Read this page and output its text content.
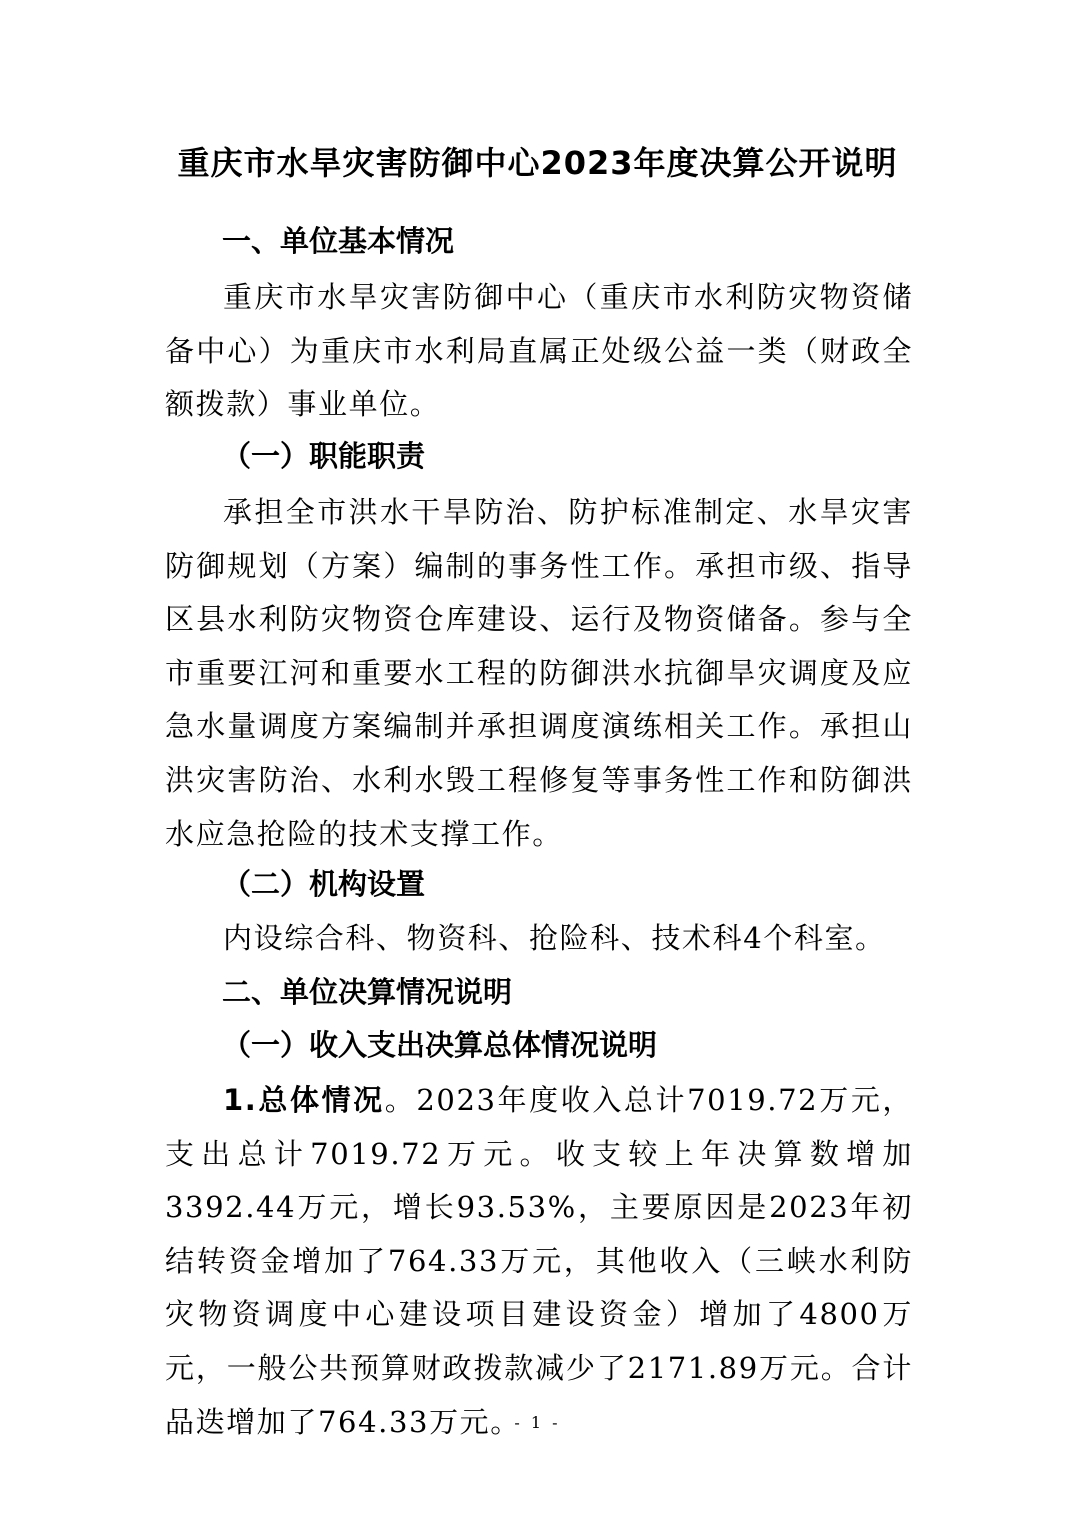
重庆市水旱灾害防御中心2023年度决算公开说明
一、单位基本情况
重庆市水旱灾害防御中心（重庆市水利防灾物资储备中心）为重庆市水利局直属正处级公益一类（财政全额拨款）事业单位。
（一）职能职责
承担全市洪水干旱防治、防护标准制定、水旱灾害防御规划（方案）编制的事务性工作。承担市级、指导区县水利防灾物资仓库建设、运行及物资储备。参与全市重要江河和重要水工程的防御洪水抗御旱灾调度及应急水量调度方案编制并承担调度演练相关工作。承担山洪灾害防治、水利水毁工程修复等事务性工作和防御洪水应急抢险的技术支撑工作。
（二）机构设置
内设综合科、物资科、抢险科、技术科4个科室。
二、单位决算情况说明
（一）收入支出决算总体情况说明
1.总体情况。2023年度收入总计7019.72万元，支出总计7019.72万元。收支较上年决算数增加3392.44万元，增长93.53%，主要原因是2023年初结转资金增加了764.33万元，其他收入（三峡水利防灾物资调度中心建设项目建设资金）增加了4800万元，一般公共预算财政拨款减少了2171.89万元。合计品迭增加了764.33万元。
- 1 -
